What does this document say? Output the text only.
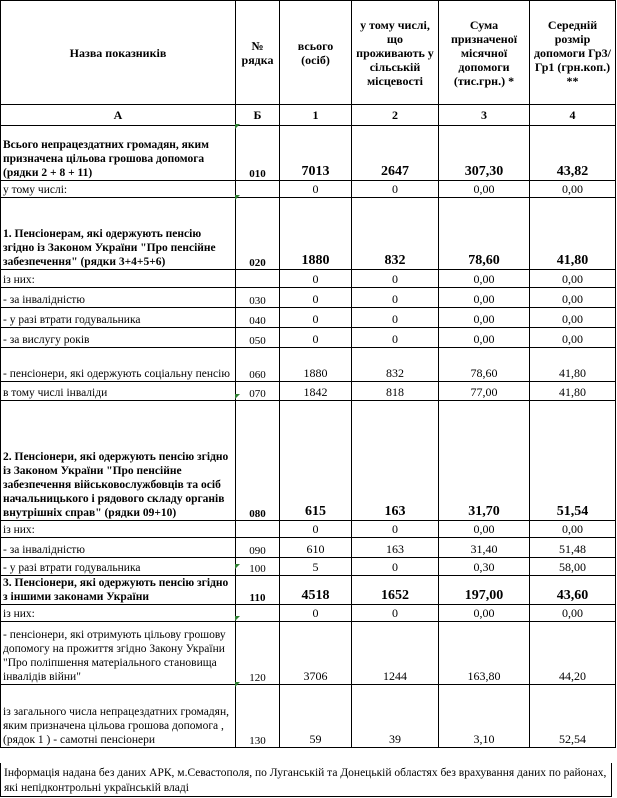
Назва показників	№ рядка	всього (осіб)	у тому числі, що проживають у сільській місцевості	Сума призначеної місячної допомоги (тис.грн.) *	Середній розмір допомоги Гр3/Гр1 (грн.коп.) **
А	Б	1	2	3	4
Всього непрацездатних громадян, яким призначена цільова грошова допомога (рядки 2 + 8 + 11)	010	7013	2647	307,30	43,82
у тому числі:		0	0	0,00	0,00
1. Пенсіонерам, які одержують пенсію згідно із Законом України "Про пенсійне забезпечення" (рядки 3+4+5+6)	020	1880	832	78,60	41,80
із них:		0	0	0,00	0,00
- за інвалідністю	030	0	0	0,00	0,00
- у разі втрати годувальника	040	0	0	0,00	0,00
- за вислугу років	050	0	0	0,00	0,00
- пенсіонери, які одержують соціальну пенсію	060	1880	832	78,60	41,80
в тому числі інваліди	070	1842	818	77,00	41,80
2. Пенсіонери, які одержують пенсію згідно із Законом України "Про пенсійне забезпечення військовослужбовців та осіб начальницького і рядового складу органів внутрішніх справ" (рядки 09+10)	080	615	163	31,70	51,54
із них:		0	0	0,00	0,00
- за інвалідністю	090	610	163	31,40	51,48
- у разі втрати годувальника	100	5	0	0,30	58,00
3. Пенсіонери, які одержують пенсію згідно з іншими законами України	110	4518	1652	197,00	43,60
із них:		0	0	0,00	0,00
- пенсіонери, які отримують цільову грошову допомогу на прожиття згідно Закону України "Про поліпшення матеріального становища інвалідів війни"	120	3706	1244	163,80	44,20
із загального числа непрацездатних громадян, яким призначена цільова грошова допомога , (рядок 1 ) - самотні пенсіонери	130	59	39	3,10	52,54
Інформація надана без даних АРК, м.Севастополя, по Луганській та Донецькій областях без врахування даних по районах, які непідконтрольні українській владі
